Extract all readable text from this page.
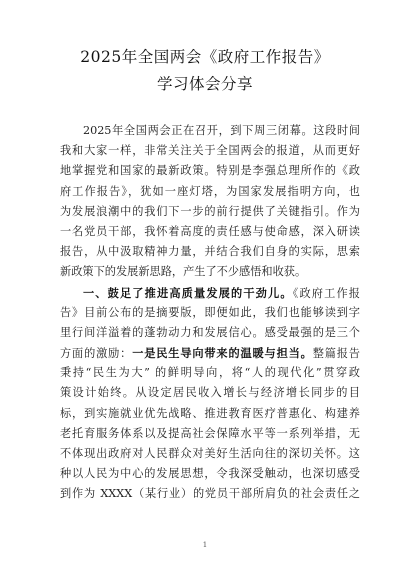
2025年全国两会《政府工作报告》
学习体会分享
2025年全国两会正在召开，到下周三闭幕。这段时间
我和大家一样，非常关注关于全国两会的报道，从而更好
地掌握党和国家的最新政策。特别是李强总理所作的《政
府工作报告》，犹如一座灯塔，为国家发展指明方向，也
为发展浪潮中的我们下一步的前行提供了关键指引。作为
一名党员干部，我怀着高度的责任感与使命感，深入研读
报告，从中汲取精神力量，并结合我们自身的实际，思索
新政策下的发展新思路，产生了不少感悟和收获。
一、鼓足了推进高质量发展的干劲儿。《政府工作报
告》目前公布的是摘要版，即便如此，我们也能够读到字
里行间洋溢着的蓬勃动力和发展信心。感受最强的是三个
方面的激励：一是民生导向带来的温暖与担当。整篇报告
秉持“民生为大” 的鲜明导向，将“人的现代化”贯穿政
策设计始终。从设定居民收入增长与经济增长同步的目
标，到实施就业优先战略、推进教育医疗普惠化、构建养
老托育服务体系以及提高社会保障水平等一系列举措，无
不体现出政府对人民群众对美好生活向往的深切关怀。这
种以人民为中心的发展思想，令我深受触动，也深切感受
到作为 XXXX（某行业）的党员干部所肩负的社会责任之
1
